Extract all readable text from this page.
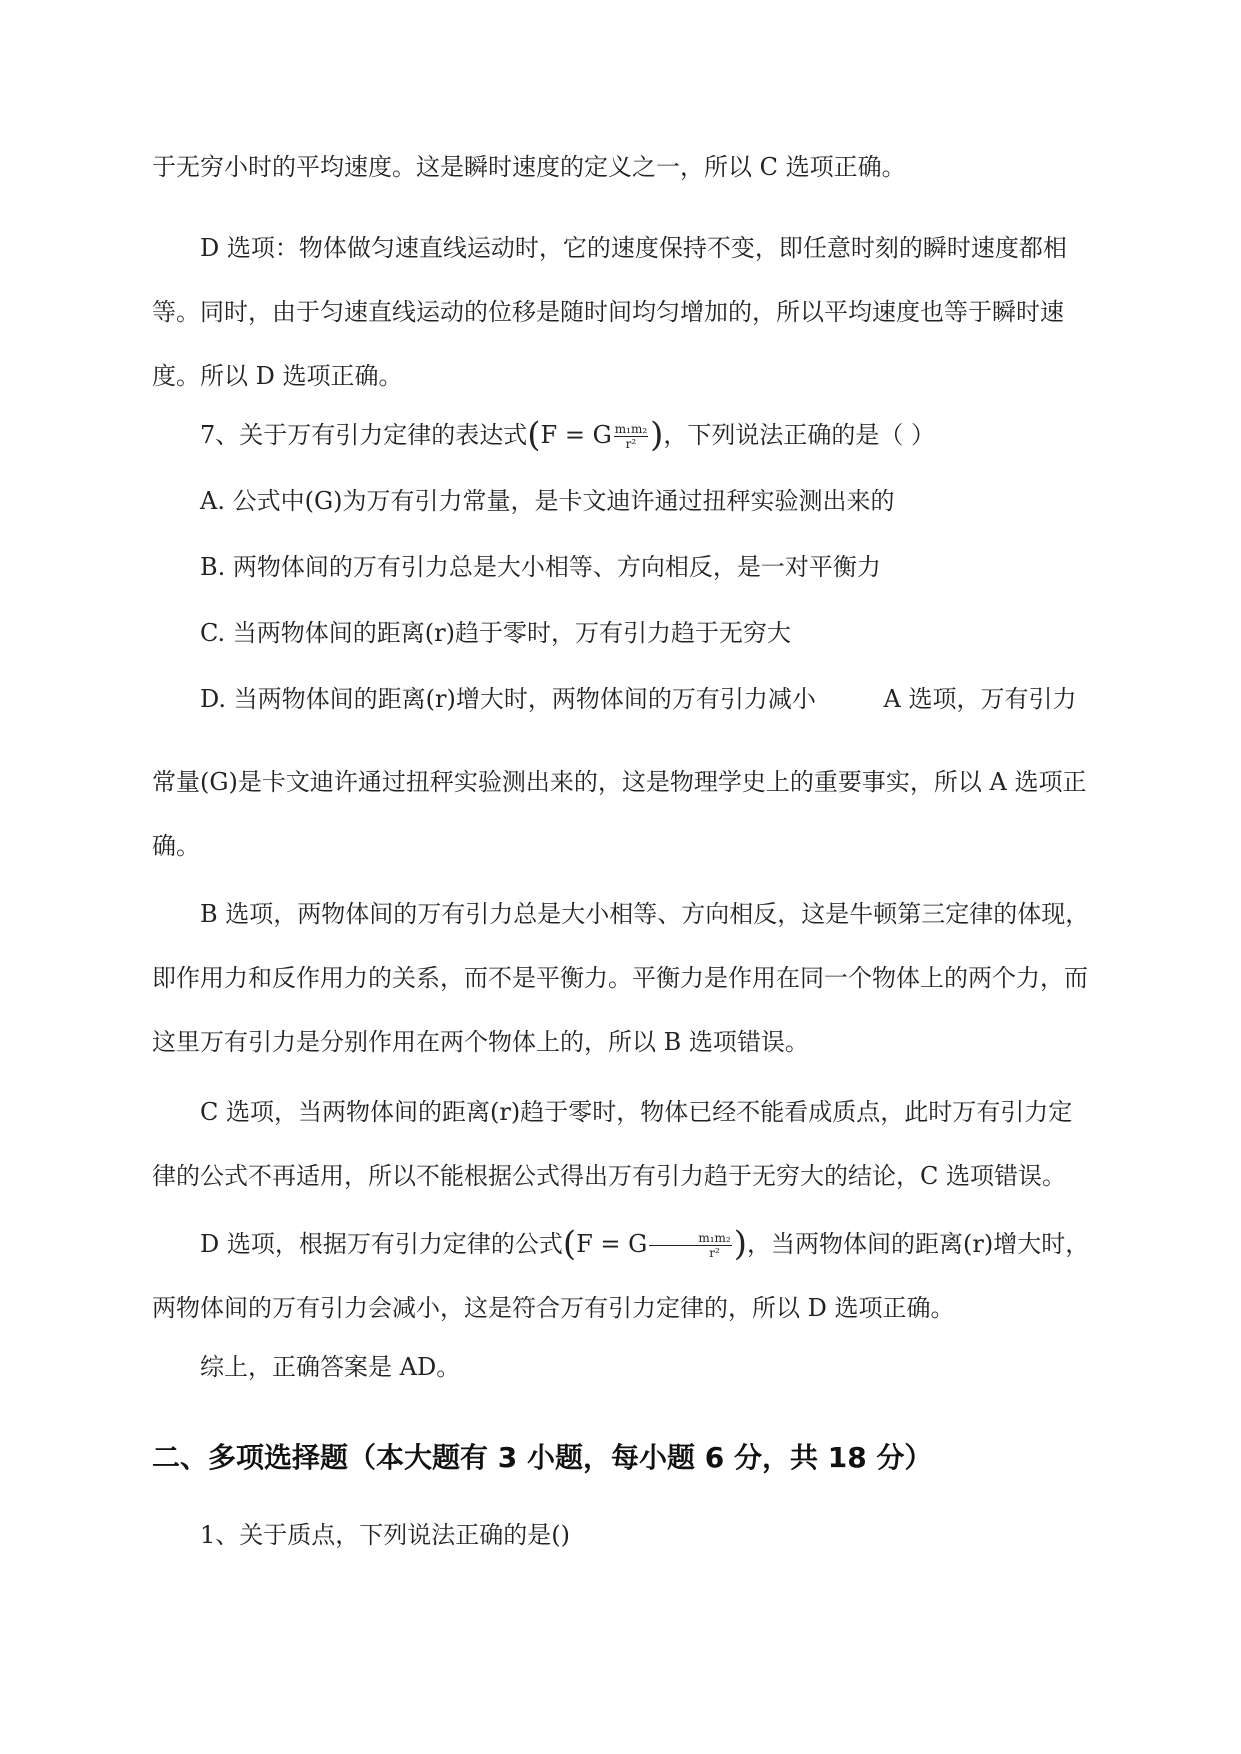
于无穷小时的平均速度。这是瞬时速度的定义之一，所以 C 选项正确。
D 选项：物体做匀速直线运动时，它的速度保持不变，即任意时刻的瞬时速度都相等。同时，由于匀速直线运动的位移是随时间均匀增加的，所以平均速度也等于瞬时速度。所以 D 选项正确。
7、关于万有引力定律的表达式(F = G $\frac{\text{m₁m₂}}{\text{r²}}$ )，下列说法正确的是（ ）
A. 公式中(G)为万有引力常量，是卡文迪许通过扭秤实验测出来的
B. 两物体间的万有引力总是大小相等、方向相反，是一对平衡力
C. 当两物体间的距离(r)趋于零时，万有引力趋于无穷大
D. 当两物体间的距离(r)增大时，两物体间的万有引力减小	A 选项，万有引力
常量(G)是卡文迪许通过扭秤实验测出来的，这是物理学史上的重要事实，所以 A 选项正确。
B 选项，两物体间的万有引力总是大小相等、方向相反，这是牛顿第三定律的体现，即作用力和反作用力的关系，而不是平衡力。平衡力是作用在同一个物体上的两个力，而这里万有引力是分别作用在两个物体上的，所以 B 选项错误。
C 选项，当两物体间的距离(r)趋于零时，物体已经不能看成质点，此时万有引力定律的公式不再适用，所以不能根据公式得出万有引力趋于无穷大的结论，C 选项错误。
D 选项，根据万有引力定律的公式(F = G $\frac{\text{m₁m₂}}{\text{r²}}$ )，当两物体间的距离(r)增大时，两物体间的万有引力会减小，这是符合万有引力定律的，所以 D 选项正确。
综上，正确答案是 AD。
二、多项选择题（本大题有 3 小题，每小题 6 分，共 18 分）
1、关于质点，下列说法正确的是()
